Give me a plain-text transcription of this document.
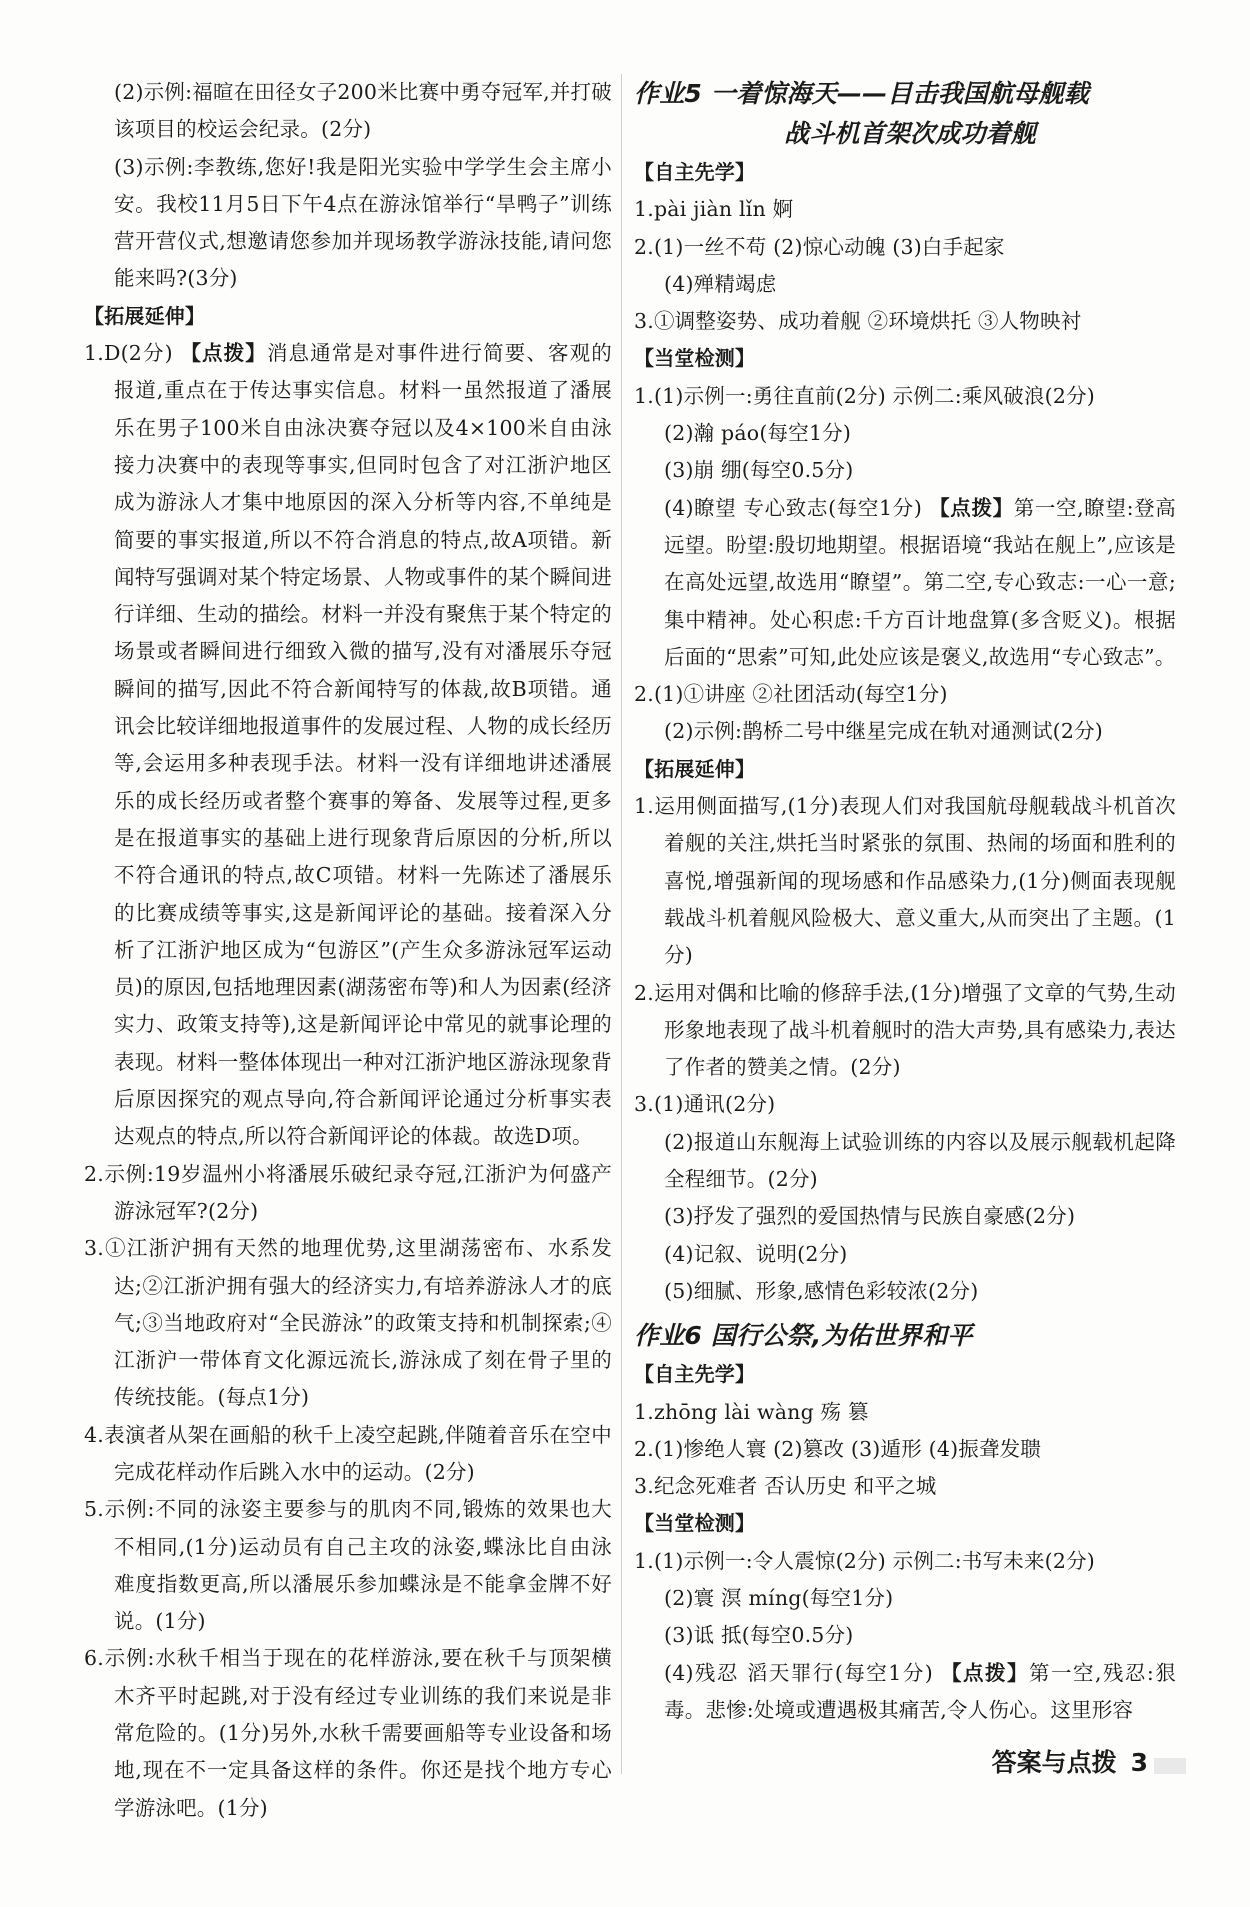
(2)示例:福暄在田径女子200米比赛中勇夺冠军,并打破该项目的校运会纪录。(2分)

(3)示例:李教练,您好!我是阳光实验中学学生会主席小安。我校11月5日下午4点在游泳馆举行“旱鸭子”训练营开营仪式,想邀请您参加并现场教学游泳技能,请问您能来吗?(3分)

【拓展延伸】

1.D(2分) 【点拨】消息通常是对事件进行简要、客观的报道,重点在于传达事实信息。材料一虽然报道了潘展乐在男子100米自由泳决赛夺冠以及4×100米自由泳接力决赛中的表现等事实,但同时包含了对江浙沪地区成为游泳人才集中地原因的深入分析等内容,不单纯是简要的事实报道,所以不符合消息的特点,故A项错。新闻特写强调对某个特定场景、人物或事件的某个瞬间进行详细、生动的描绘。材料一并没有聚焦于某个特定的场景或者瞬间进行细致入微的描写,没有对潘展乐夺冠瞬间的描写,因此不符合新闻特写的体裁,故B项错。通讯会比较详细地报道事件的发展过程、人物的成长经历等,会运用多种表现手法。材料一没有详细地讲述潘展乐的成长经历或者整个赛事的筹备、发展等过程,更多是在报道事实的基础上进行现象背后原因的分析,所以不符合通讯的特点,故C项错。材料一先陈述了潘展乐的比赛成绩等事实,这是新闻评论的基础。接着深入分析了江浙沪地区成为“包游区”(产生众多游泳冠军运动员)的原因,包括地理因素(湖荡密布等)和人为因素(经济实力、政策支持等),这是新闻评论中常见的就事论理的表现。材料一整体体现出一种对江浙沪地区游泳现象背后原因探究的观点导向,符合新闻评论通过分析事实表达观点的特点,所以符合新闻评论的体裁。故选D项。

2.示例:19岁温州小将潘展乐破纪录夺冠,江浙沪为何盛产游泳冠军?(2分)

3.①江浙沪拥有天然的地理优势,这里湖荡密布、水系发达;②江浙沪拥有强大的经济实力,有培养游泳人才的底气;③当地政府对“全民游泳”的政策支持和机制探索;④江浙沪一带体育文化源远流长,游泳成了刻在骨子里的传统技能。(每点1分)

4.表演者从架在画船的秋千上凌空起跳,伴随着音乐在空中完成花样动作后跳入水中的运动。(2分)

5.示例:不同的泳姿主要参与的肌肉不同,锻炼的效果也大不相同,(1分)运动员有自己主攻的泳姿,蝶泳比自由泳难度指数更高,所以潘展乐参加蝶泳是不能拿金牌不好说。(1分)

6.示例:水秋千相当于现在的花样游泳,要在秋千与顶架横木齐平时起跳,对于没有经过专业训练的我们来说是非常危险的。(1分)另外,水秋千需要画船等专业设备和场地,现在不一定具备这样的条件。你还是找个地方专心学游泳吧。(1分)

作业5 一着惊海天——目击我国航母舰载
战斗机首架次成功着舰

【自主先学】

1.pài jiàn lǐn 婀

2.(1)一丝不苟 (2)惊心动魄 (3)白手起家

(4)殚精竭虑

3.①调整姿势、成功着舰 ②环境烘托 ③人物映衬

【当堂检测】

1.(1)示例一:勇往直前(2分) 示例二:乘风破浪(2分)

(2)瀚 páo(每空1分)

(3)崩 绷(每空0.5分)

(4)瞭望 专心致志(每空1分) 【点拨】第一空,瞭望:登高远望。盼望:殷切地期望。根据语境“我站在舰上”,应该是在高处远望,故选用“瞭望”。第二空,专心致志:一心一意;集中精神。处心积虑:千方百计地盘算(多含贬义)。根据后面的“思索”可知,此处应该是褒义,故选用“专心致志”。

2.(1)①讲座 ②社团活动(每空1分)

(2)示例:鹊桥二号中继星完成在轨对通测试(2分)

【拓展延伸】

1.运用侧面描写,(1分)表现人们对我国航母舰载战斗机首次着舰的关注,烘托当时紧张的氛围、热闹的场面和胜利的喜悦,增强新闻的现场感和作品感染力,(1分)侧面表现舰载战斗机着舰风险极大、意义重大,从而突出了主题。(1分)

2.运用对偶和比喻的修辞手法,(1分)增强了文章的气势,生动形象地表现了战斗机着舰时的浩大声势,具有感染力,表达了作者的赞美之情。(2分)

3.(1)通讯(2分)

(2)报道山东舰海上试验训练的内容以及展示舰载机起降全程细节。(2分)

(3)抒发了强烈的爱国热情与民族自豪感(2分)

(4)记叙、说明(2分)

(5)细腻、形象,感情色彩较浓(2分)

作业6 国行公祭,为佑世界和平

【自主先学】

1.zhōng lài wàng 殇 篡

2.(1)惨绝人寰 (2)篡改 (3)遁形 (4)振聋发聩

3.纪念死难者 否认历史 和平之城

【当堂检测】

1.(1)示例一:令人震惊(2分) 示例二:书写未来(2分)

(2)寰 溟 míng(每空1分)

(3)诋 抵(每空0.5分)

(4)残忍 滔天罪行(每空1分) 【点拨】第一空,残忍:狠毒。悲惨:处境或遭遇极其痛苦,令人伤心。这里形容

答案与点拨 3
